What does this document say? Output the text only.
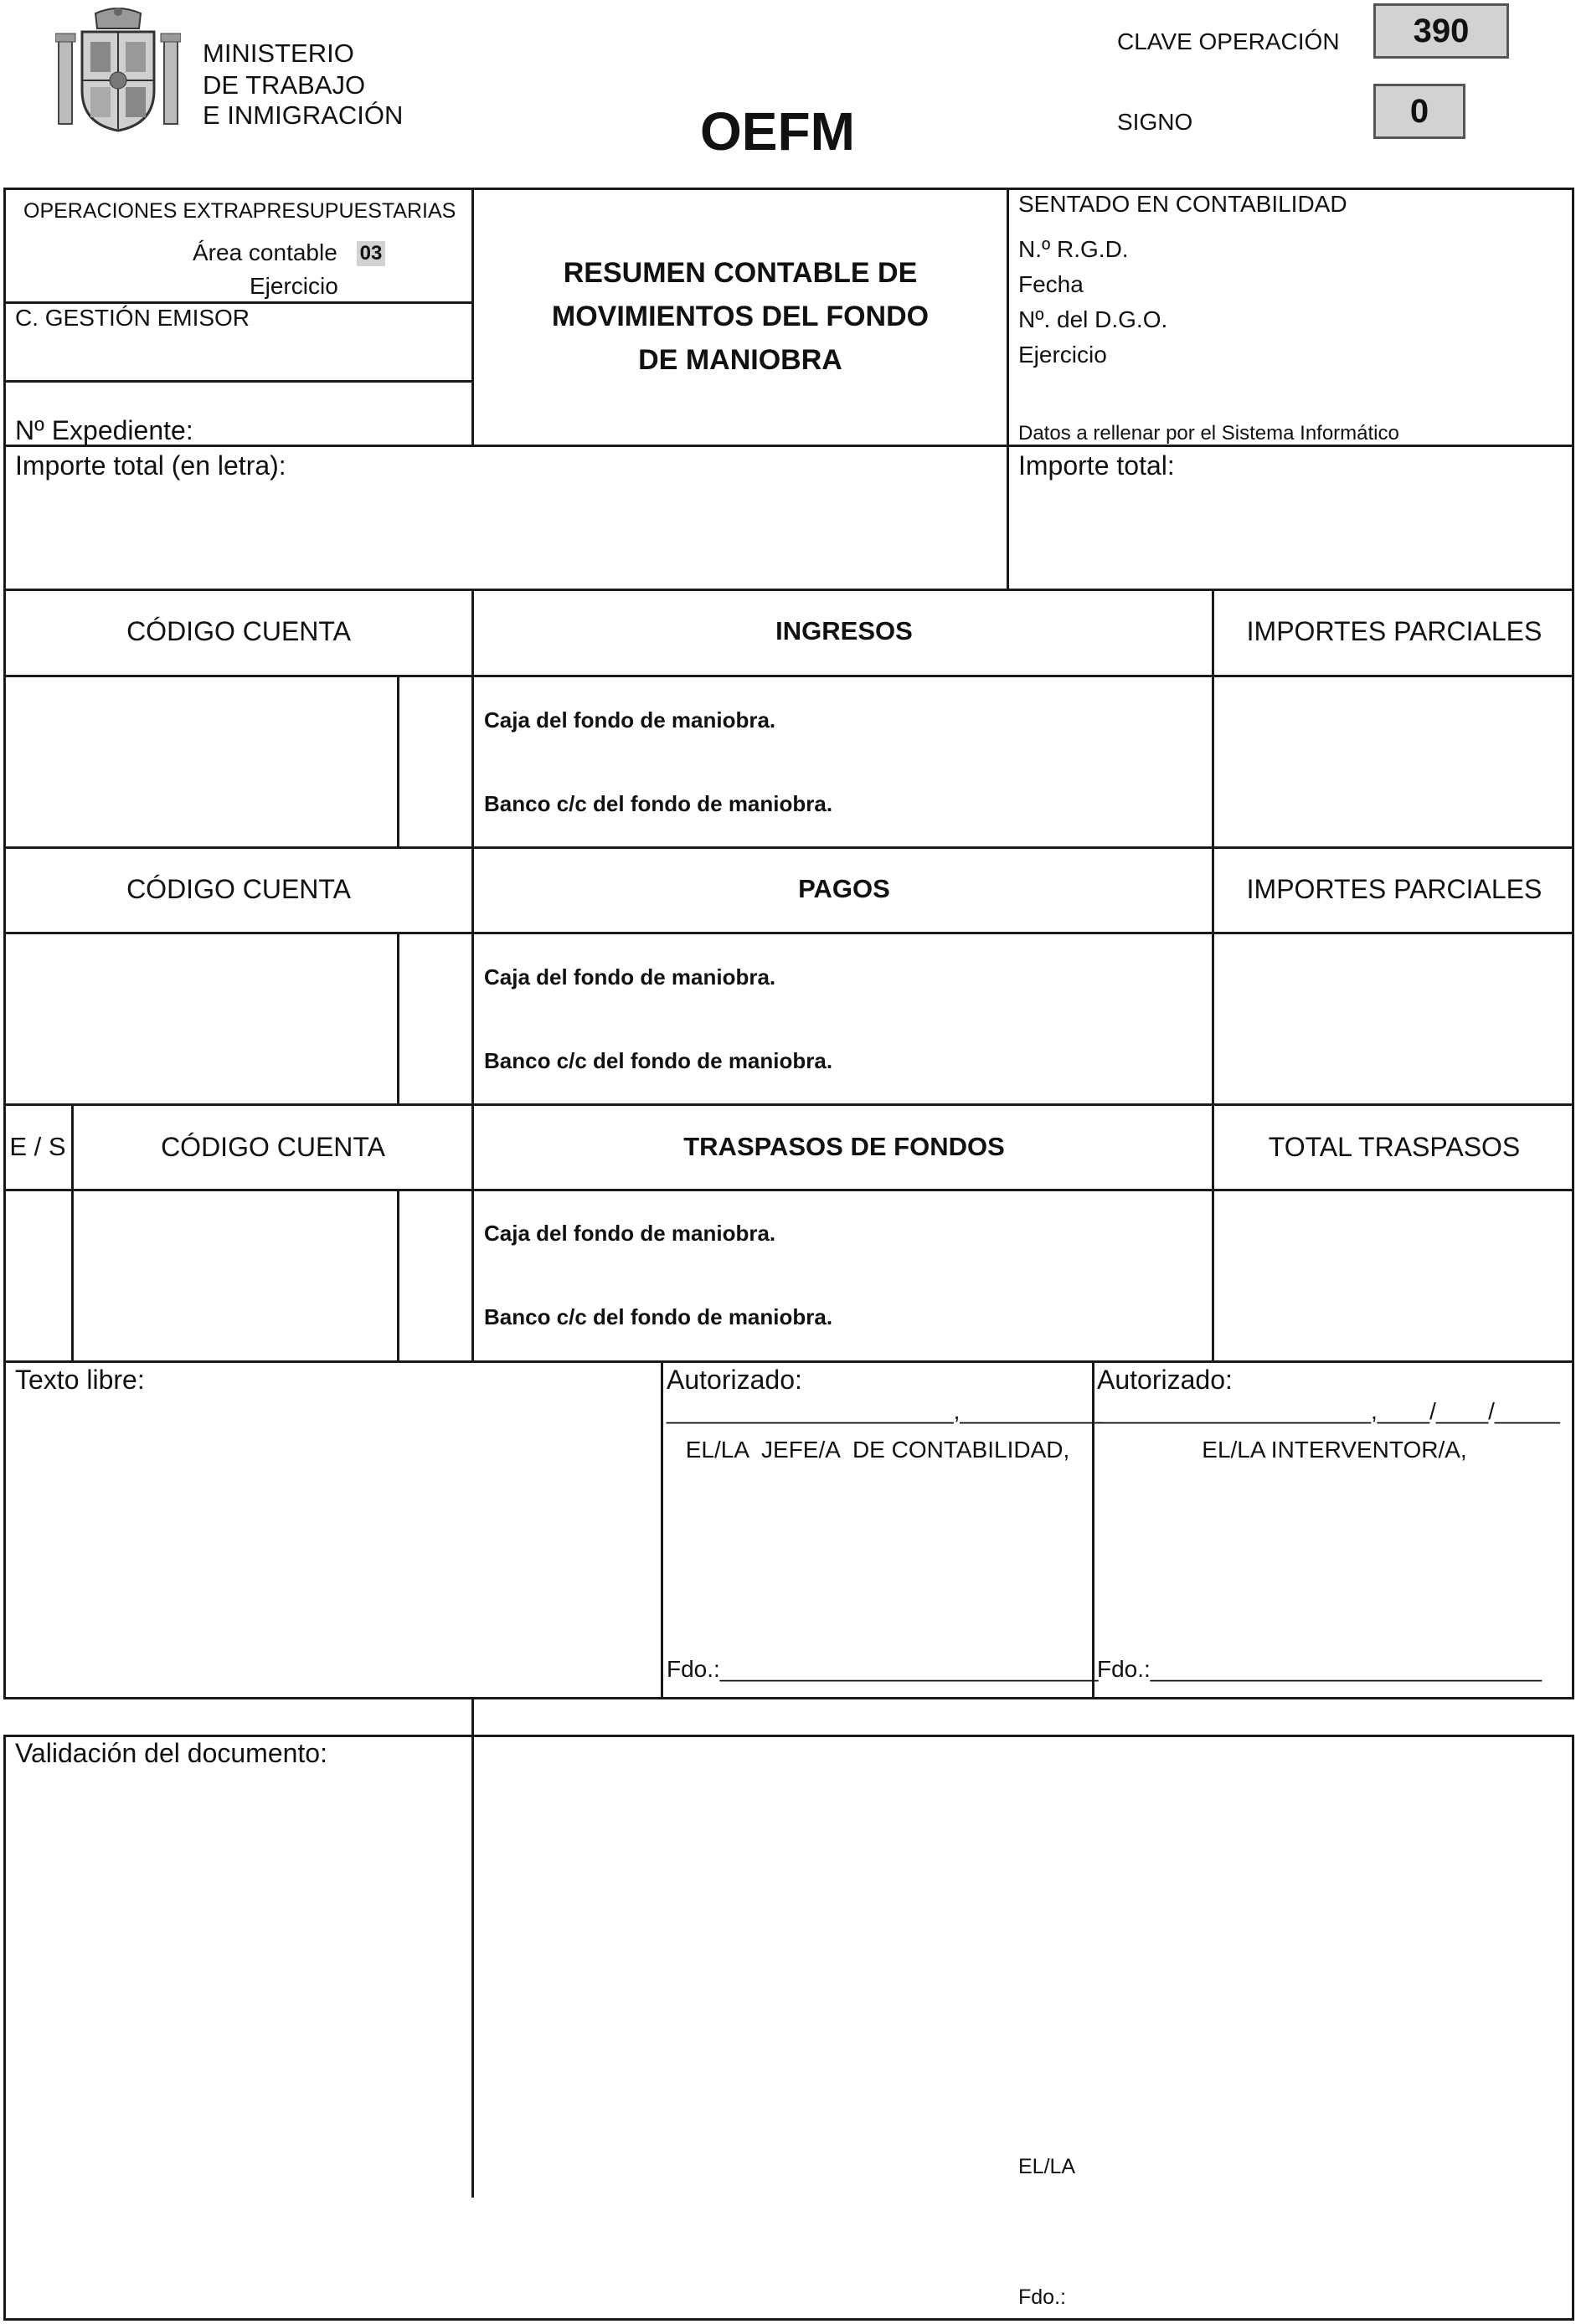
MINISTERIO
DE TRABAJO
E INMIGRACIÓN	OEFM
CLAVE OPERACIÓN	390
SIGNO	0
OPERACIONES EXTRAPRESUPUESTARIAS
Área contable 03
Ejercicio
C. GESTIÓN EMISOR
Nº Expediente:
RESUMEN CONTABLE DE
MOVIMIENTOS DEL FONDO
DE MANIOBRA
SENTADO EN CONTABILIDAD
N.º R.G.D.
Fecha
Nº. del D.G.O.
Ejercicio
Datos a rellenar por el Sistema Informático
Importe total (en letra):	Importe total:
CÓDIGO CUENTA	INGRESOS	IMPORTES PARCIALES
Caja del fondo de maniobra.
Banco c/c del fondo de maniobra.
CÓDIGO CUENTA	PAGOS	IMPORTES PARCIALES
Caja del fondo de maniobra.
Banco c/c del fondo de maniobra.
E / S	CÓDIGO CUENTA	TRASPASOS DE FONDOS	TOTAL TRASPASOS
Caja del fondo de maniobra.
Banco c/c del fondo de maniobra.
Texto libre:	Autorizado:
______________________,___________
EL/LA  JEFE/A  DE CONTABILIDAD,
Fdo.:_____________________________
Autorizado:
_____________________,____/____/_____
EL/LA INTERVENTOR/A,
Fdo.:______________________________
Validación del documento:
EL/LA
Fdo.:
